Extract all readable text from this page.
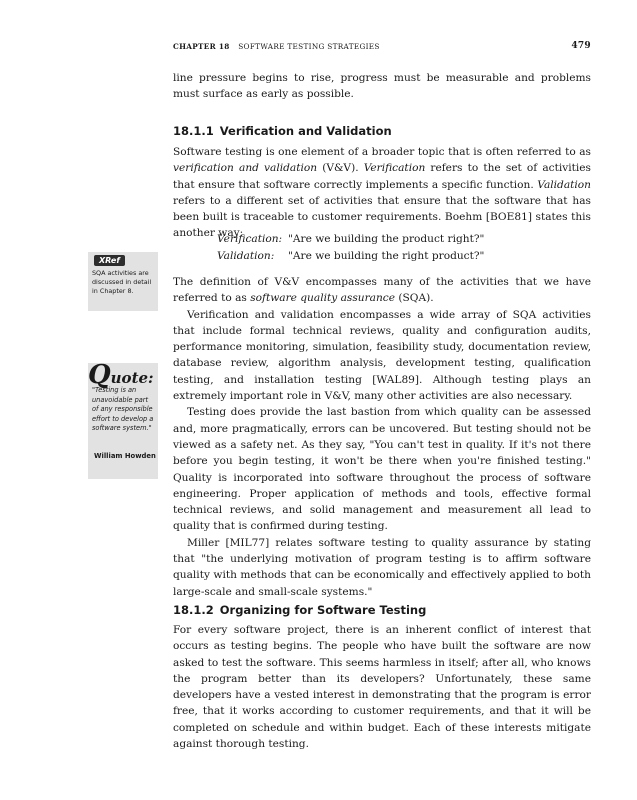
CHAPTER 18 SOFTWARE TESTING STRATEGIES	479

line pressure begins to rise, progress must be measurable and problems must surface as early as possible.

18.1.1 Verification and Validation

Software testing is one element of a broader topic that is often referred to as verification and validation (V&V). Verification refers to the set of activities that ensure that software correctly implements a specific function. Validation refers to a different set of activities that ensure that the software that has been built is traceable to customer requirements. Boehm [BOE81] states this another way:

Verification: "Are we building the product right?"
Validation: "Are we building the right product?"

The definition of V&V encompasses many of the activities that we have referred to as software quality assurance (SQA).

Verification and validation encompasses a wide array of SQA activities that include formal technical reviews, quality and configuration audits, performance monitoring, simulation, feasibility study, documentation review, database review, algorithm analysis, development testing, qualification testing, and installation testing [WAL89]. Although testing plays an extremely important role in V&V, many other activities are also necessary.

Testing does provide the last bastion from which quality can be assessed and, more pragmatically, errors can be uncovered. But testing should not be viewed as a safety net. As they say, "You can't test in quality. If it's not there before you begin testing, it won't be there when you're finished testing." Quality is incorporated into software throughout the process of software engineering. Proper application of methods and tools, effective formal technical reviews, and solid management and measurement all lead to quality that is confirmed during testing.

Miller [MIL77] relates software testing to quality assurance by stating that "the underlying motivation of program testing is to affirm software quality with methods that can be economically and effectively applied to both large-scale and small-scale systems."

18.1.2 Organizing for Software Testing

For every software project, there is an inherent conflict of interest that occurs as testing begins. The people who have built the software are now asked to test the software. This seems harmless in itself; after all, who knows the program better than its developers? Unfortunately, these same developers have a vested interest in demonstrating that the program is error free, that it works according to customer requirements, and that it will be completed on schedule and within budget. Each of these interests mitigate against thorough testing.

XRef
SQA activities are discussed in detail in Chapter 8.
Quote:
"Testing is an unavoidable part of any responsible effort to develop a software system."
William Howden
